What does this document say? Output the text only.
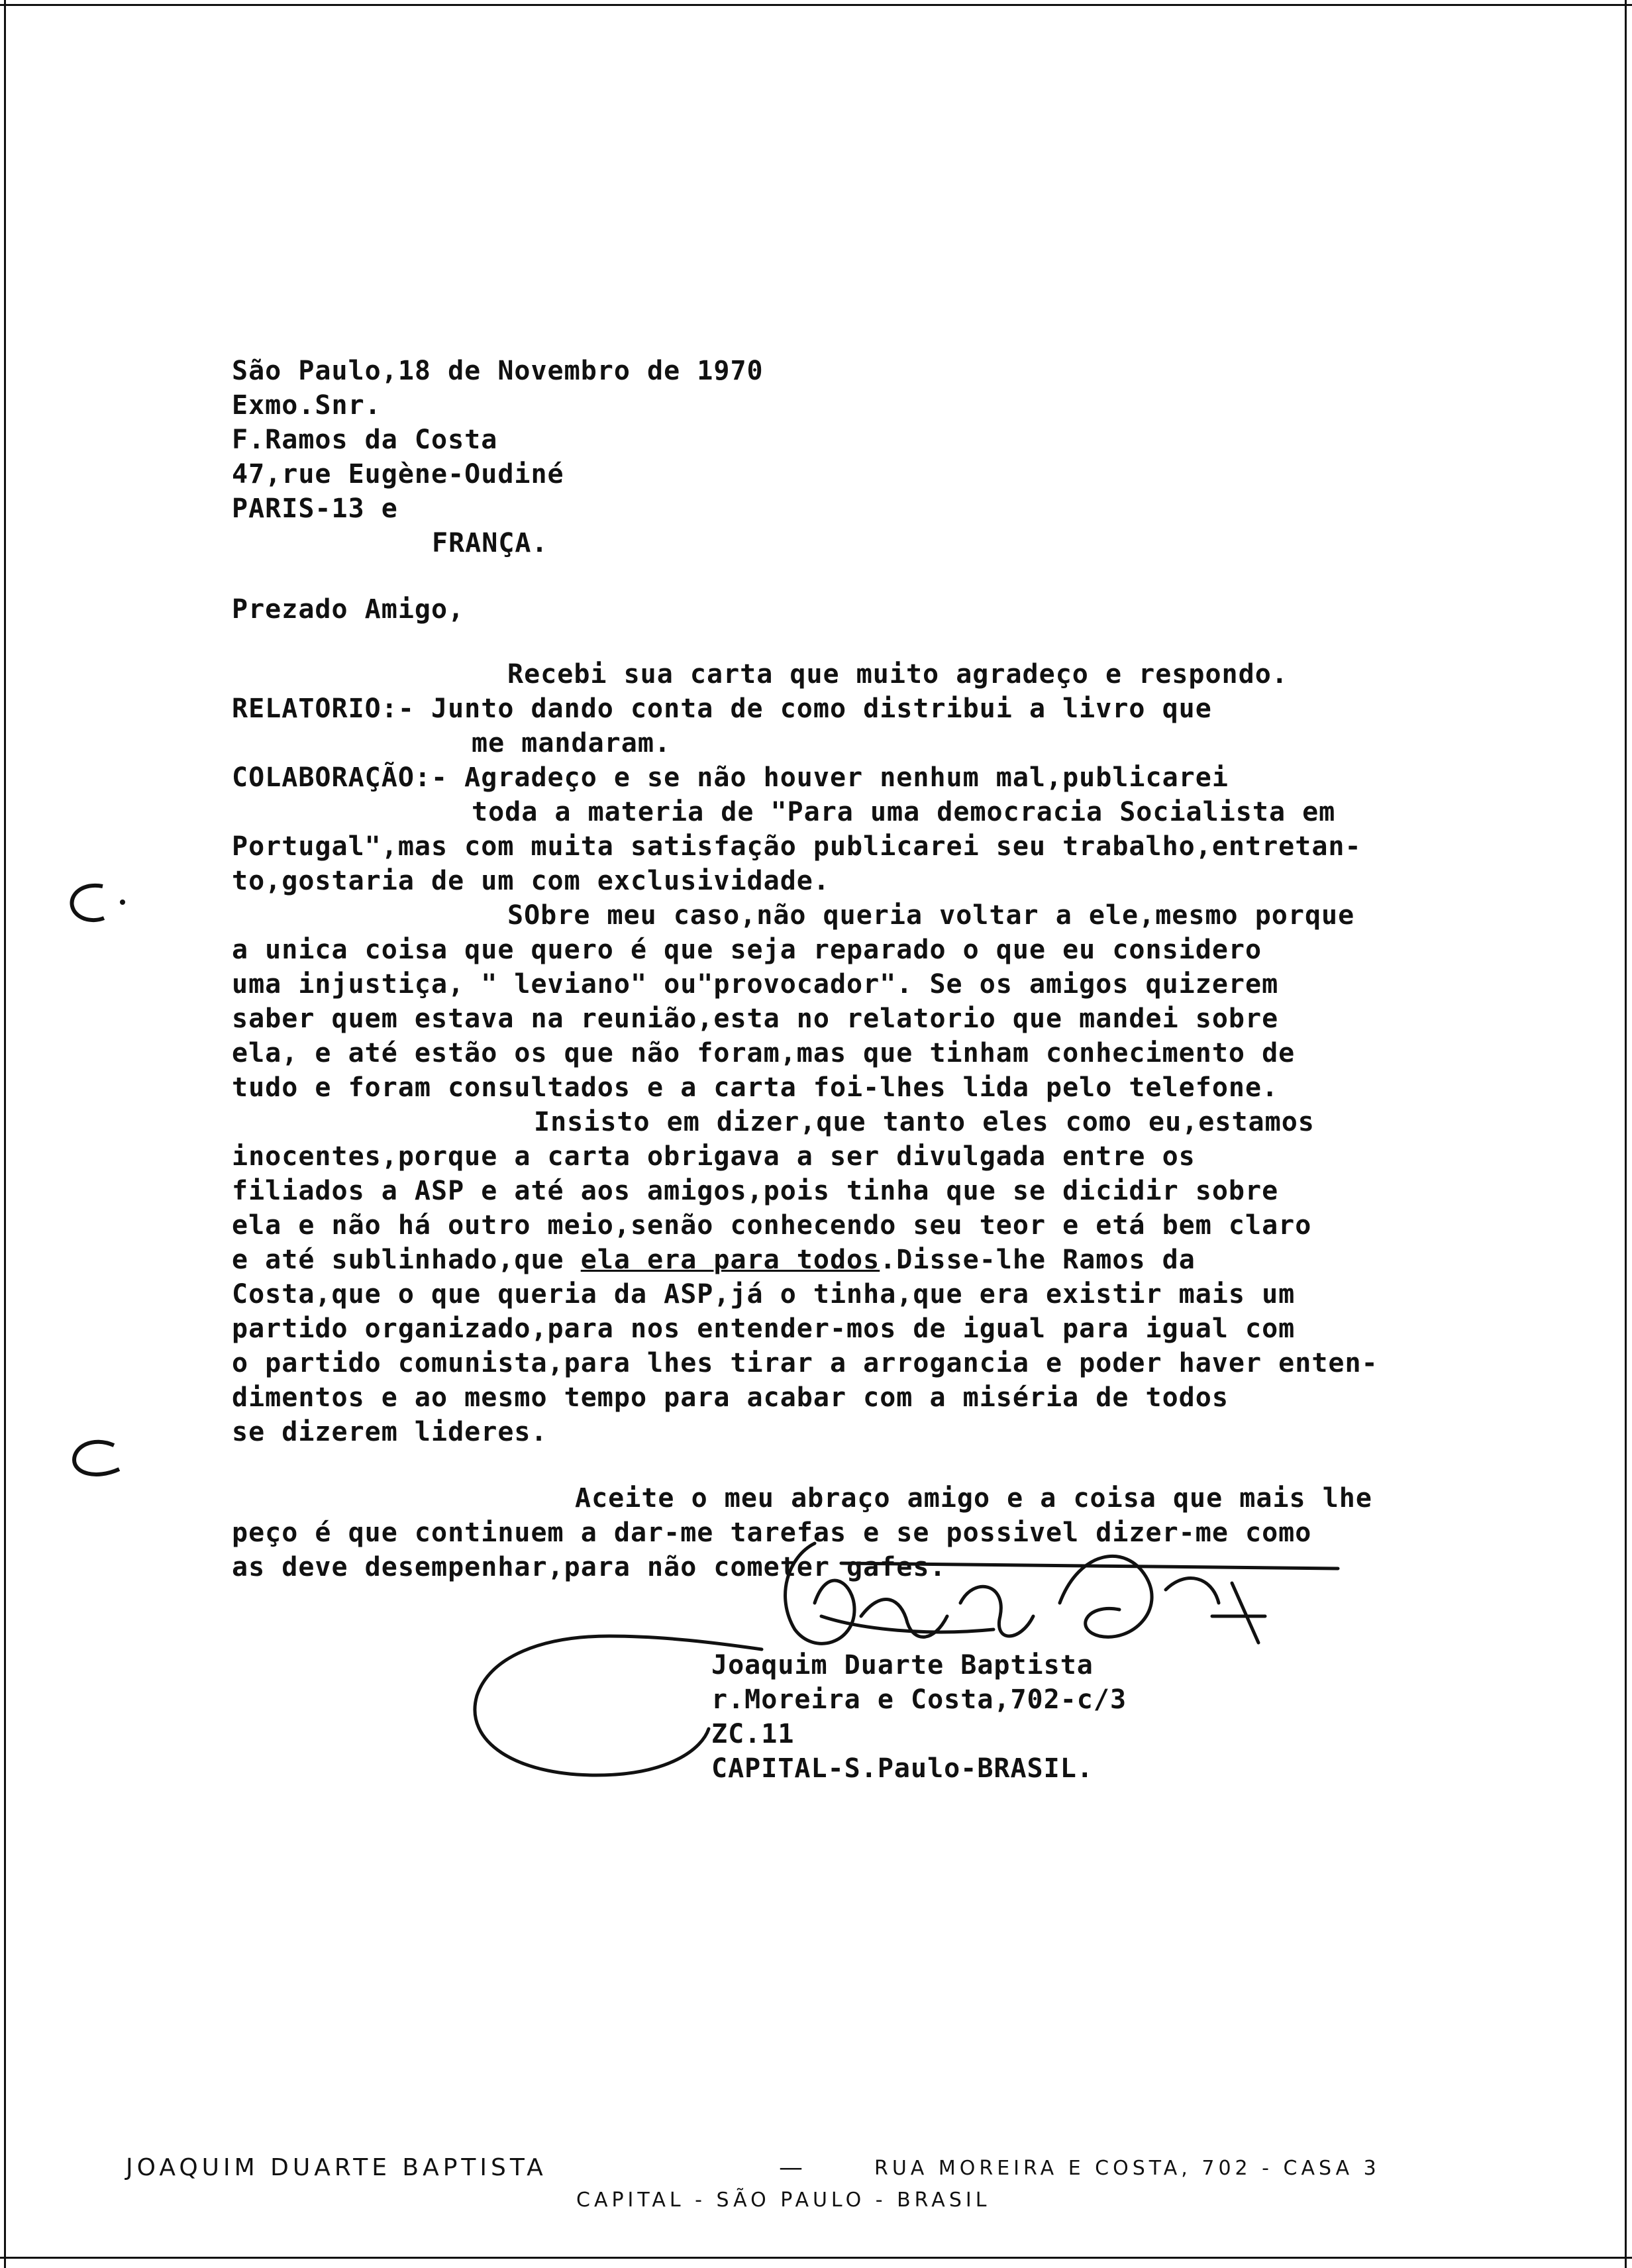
São Paulo,18 de Novembro de 1970

Exmo.Snr.

F.Ramos da Costa

47,rue Eugène-Oudiné

PARIS-13 e

FRANÇA.

Prezado Amigo,

Recebi sua carta que muito agradeço e respondo.

RELATORIO:- Junto dando conta de como distribui a livro que

me mandaram.

COLABORAÇÃO:- Agradeço e se não houver nenhum mal,publicarei

toda a materia de "Para uma democracia Socialista em

Portugal",mas com muita satisfação publicarei seu trabalho,entretan-

to,gostaria de um com exclusividade.

SObre meu caso,não queria voltar a ele,mesmo porque

a unica coisa que quero é que seja reparado o que eu considero

uma injustiça, " leviano" ou"provocador". Se os amigos quizerem

saber quem estava na reunião,esta no relatorio que mandei sobre

ela, e até estão os que não foram,mas que tinham conhecimento de

tudo e foram consultados e a carta foi-lhes lida pelo telefone.

Insisto em dizer,que tanto eles como eu,estamos

inocentes,porque a carta obrigava a ser divulgada entre os

filiados a ASP e até aos amigos,pois tinha que se dicidir sobre

ela e não há outro meio,senão conhecendo seu teor e etá bem claro

e até sublinhado,que ela era para todos.Disse-lhe Ramos da

Costa,que o que queria da ASP,já o tinha,que era existir mais um

partido organizado,para nos entender-mos de igual para igual com

o partido comunista,para lhes tirar a arrogancia e poder haver enten-

dimentos e ao mesmo tempo para acabar com a miséria de todos

se dizerem lideres.

Aceite o meu abraço amigo e a coisa que mais lhe

peço é que continuem a dar-me tarefas e se possivel dizer-me como

as deve desempenhar,para não cometer gafes.

Joaquim Duarte Baptista

r.Moreira e Costa,702-c/3

ZC.11

CAPITAL-S.Paulo-BRASIL.

JOAQUIM DUARTE BAPTISTA	—	RUA MOREIRA E COSTA, 702 - CASA 3
CAPITAL - SÃO PAULO - BRASIL
